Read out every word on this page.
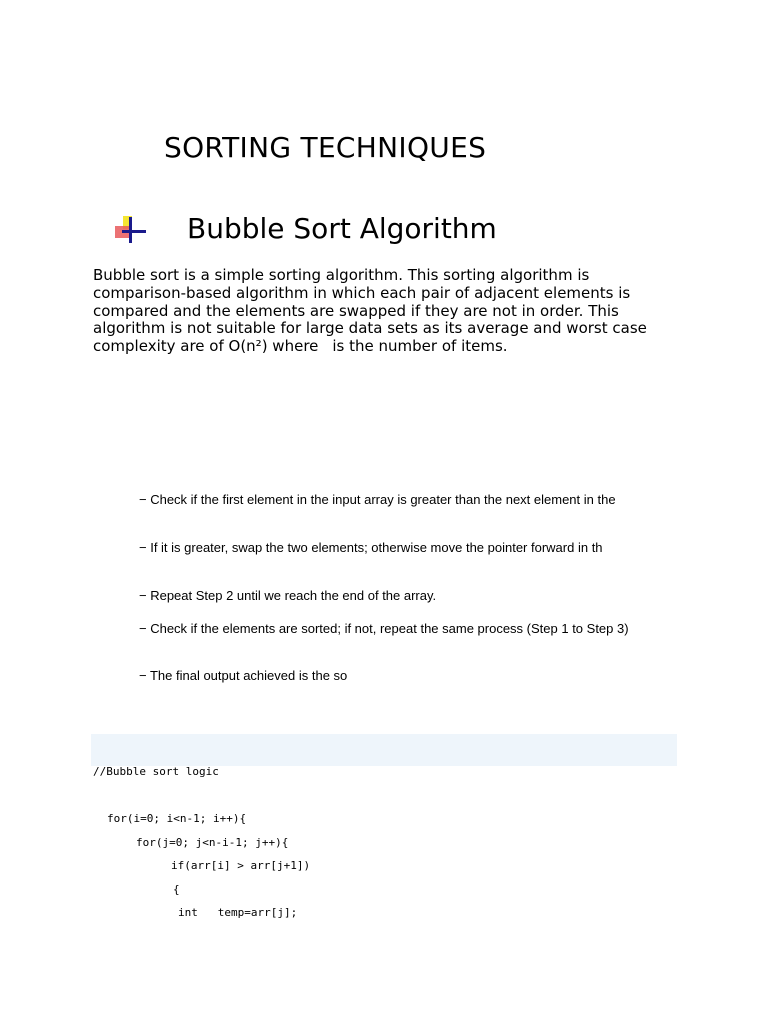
SORTING TECHNIQUES
Bubble Sort Algorithm
Bubble sort is a simple sorting algorithm. This sorting algorithm is
comparison-based algorithm in which each pair of adjacent elements is
compared and the elements are swapped if they are not in order. This
algorithm is not suitable for large data sets as its average and worst case
complexity are of O(n²) where is the number of items.
− Check if the first element in the input array is greater than the next element in the
− If it is greater, swap the two elements; otherwise move the pointer forward in th
− Repeat Step 2 until we reach the end of the array.
− Check if the elements are sorted; if not, repeat the same process (Step 1 to Step 3)
− The final output achieved is the so
//Bubble sort logic
for(i=0; i<n-1; i++){
for(j=0; j<n-i-1; j++){
if(arr[i] > arr[j+1])
{
int   temp=arr[j];
